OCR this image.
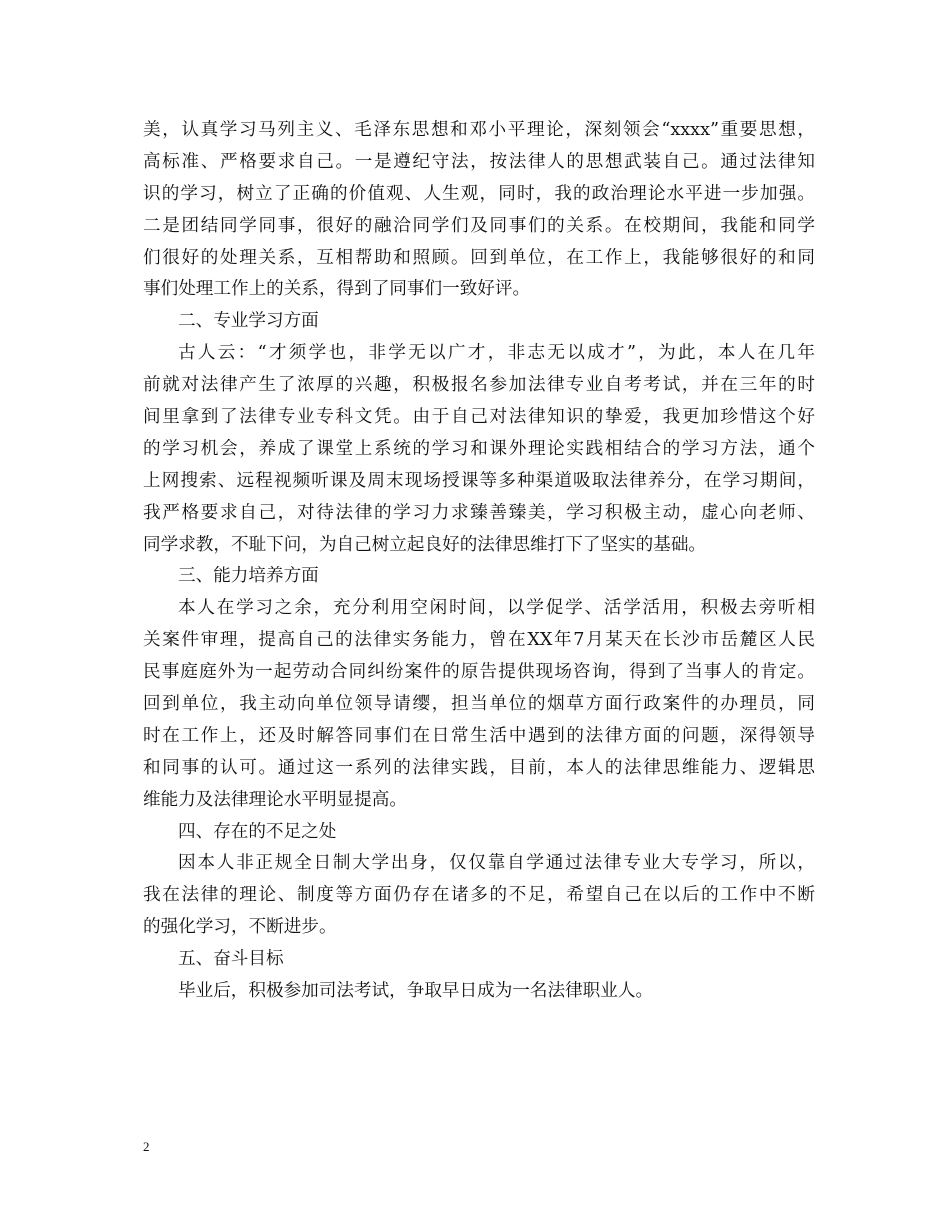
美，认真学习马列主义、毛泽东思想和邓小平理论，深刻领会“xxxx”重要思想，
高标准、严格要求自己。一是遵纪守法，按法律人的思想武装自己。通过法律知
识的学习，树立了正确的价值观、人生观，同时，我的政治理论水平进一步加强。
二是团结同学同事，很好的融洽同学们及同事们的关系。在校期间，我能和同学
们很好的处理关系，互相帮助和照顾。回到单位，在工作上，我能够很好的和同
事们处理工作上的关系，得到了同事们一致好评。
二、专业学习方面
古人云：“才须学也，非学无以广才，非志无以成才”，为此，本人在几年
前就对法律产生了浓厚的兴趣，积极报名参加法律专业自考考试，并在三年的时
间里拿到了法律专业专科文凭。由于自己对法律知识的挚爱，我更加珍惜这个好
的学习机会，养成了课堂上系统的学习和课外理论实践相结合的学习方法，通个
上网搜索、远程视频听课及周末现场授课等多种渠道吸取法律养分，在学习期间，
我严格要求自己，对待法律的学习力求臻善臻美，学习积极主动，虚心向老师、
同学求教，不耻下问，为自己树立起良好的法律思维打下了坚实的基础。
三、能力培养方面
本人在学习之余，充分利用空闲时间，以学促学、活学活用，积极去旁听相
关案件审理，提高自己的法律实务能力，曾在XX年7月某天在长沙市岳麓区人民
民事庭庭外为一起劳动合同纠纷案件的原告提供现场咨询，得到了当事人的肯定。
回到单位，我主动向单位领导请缨，担当单位的烟草方面行政案件的办理员，同
时在工作上，还及时解答同事们在日常生活中遇到的法律方面的问题，深得领导
和同事的认可。通过这一系列的法律实践，目前，本人的法律思维能力、逻辑思
维能力及法律理论水平明显提高。
四、存在的不足之处
因本人非正规全日制大学出身，仅仅靠自学通过法律专业大专学习，所以，
我在法律的理论、制度等方面仍存在诸多的不足，希望自己在以后的工作中不断
的强化学习，不断进步。
五、奋斗目标
毕业后，积极参加司法考试，争取早日成为一名法律职业人。
2
